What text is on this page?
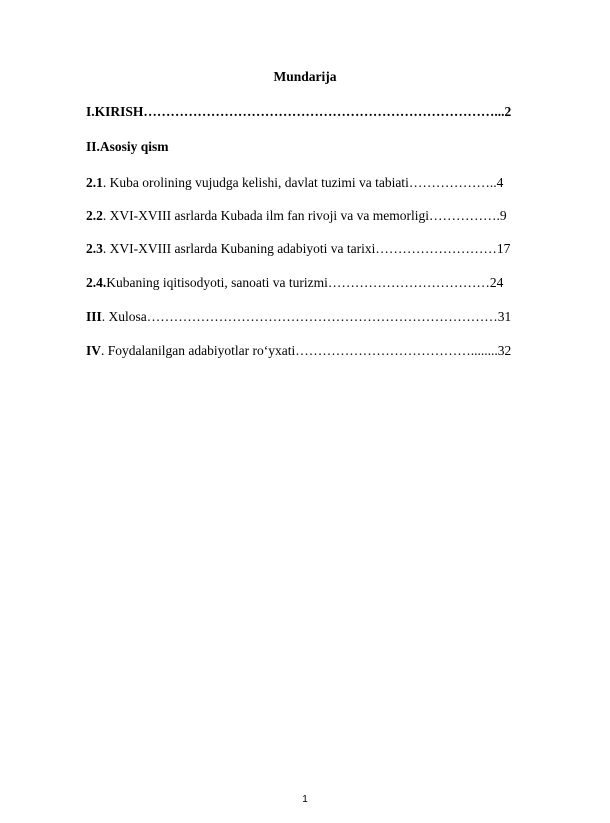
Mundarija
I.KIRISH……………………………………………………………………...2
II.Asosiy qism
2.1. Kuba orolining vujudga kelishi, davlat tuzimi va tabiati………………..4
2.2. XVI-XVIII asrlarda Kubada ilm fan rivoji va va memorligi…………….9
2.3. XVI-XVIII asrlarda Kubaning adabiyoti va tarixi………………………17
2.4.Kubaning iqitisodyoti, sanoati va turizmi………………………………24
III. Xulosa……………………………………………………………………31
IV. Foydalanilgan adabiyotlar ro‘yxati…………………………………........32
1
